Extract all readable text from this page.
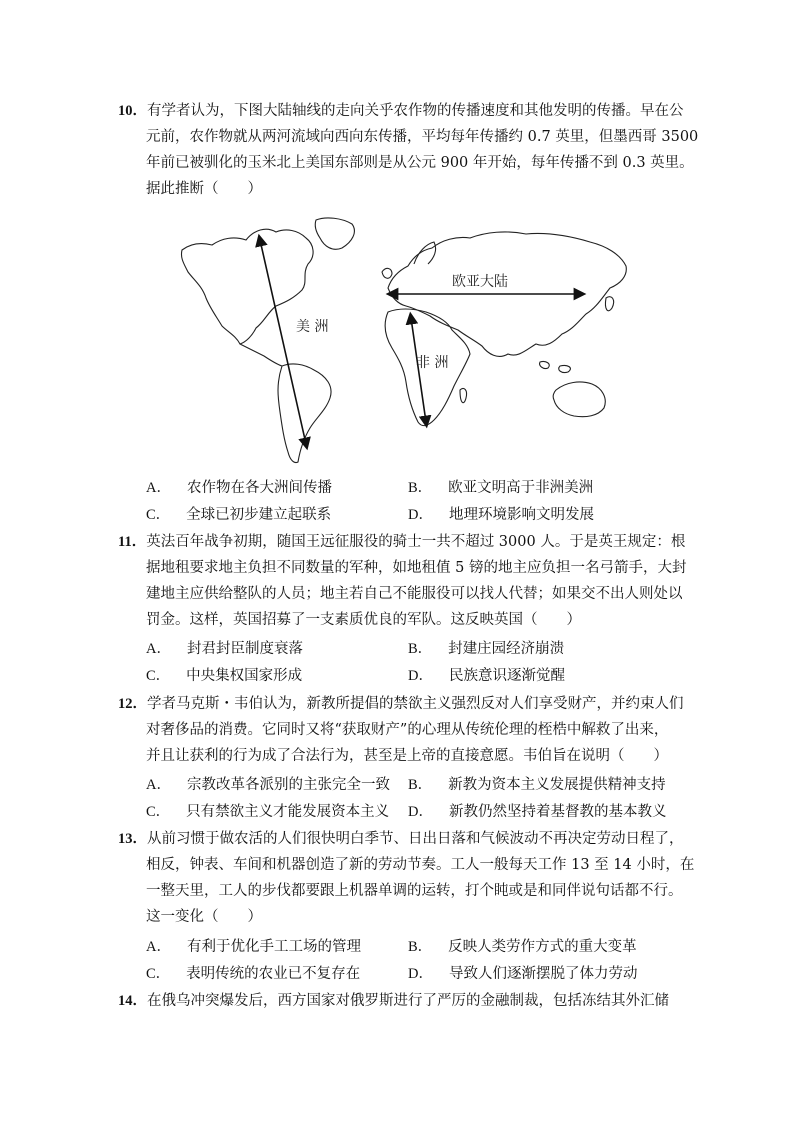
10．有学者认为，下图大陆轴线的走向关乎农作物的传播速度和其他发明的传播。早在公
元前，农作物就从两河流域向西向东传播，平均每年传播约 0.7 英里，但墨西哥 3500
年前已被驯化的玉米北上美国东部则是从公元 900 年开始，每年传播不到 0.3 英里。
据此推断（　　）
美 洲
欧亚大陆
非 洲
A． 农作物在各大洲间传播	B． 欧亚文明高于非洲美洲
C． 全球已初步建立起联系	D． 地理环境影响文明发展
11．英法百年战争初期，随国王远征服役的骑士一共不超过 3000 人。于是英王规定：根
据地租要求地主负担不同数量的军种，如地租值 5 镑的地主应负担一名弓箭手，大封
建地主应供给整队的人员；地主若自己不能服役可以找人代替；如果交不出人则处以
罚金。这样，英国招募了一支素质优良的军队。这反映英国（　　）
A． 封君封臣制度衰落	B． 封建庄园经济崩溃
C． 中央集权国家形成	D． 民族意识逐渐觉醒
12．学者马克斯・韦伯认为，新教所提倡的禁欲主义强烈反对人们享受财产，并约束人们
对奢侈品的消费。它同时又将“获取财产”的心理从传统伦理的桎梏中解救了出来，
并且让获利的行为成了合法行为，甚至是上帝的直接意愿。韦伯旨在说明（　　）
A． 宗教改革各派别的主张完全一致 B． 新教为资本主义发展提供精神支持
C． 只有禁欲主义才能发展资本主义 D． 新教仍然坚持着基督教的基本教义
13．从前习惯于做农活的人们很快明白季节、日出日落和气候波动不再决定劳动日程了，
相反，钟表、车间和机器创造了新的劳动节奏。工人一般每天工作 13 至 14 小时，在
一整天里，工人的步伐都要跟上机器单调的运转，打个盹或是和同伴说句话都不行。
这一变化（　　）
A． 有利于优化手工工场的管理	B． 反映人类劳作方式的重大变革
C． 表明传统的农业已不复存在	D． 导致人们逐渐摆脱了体力劳动
14．在俄乌冲突爆发后，西方国家对俄罗斯进行了严厉的金融制裁，包括冻结其外汇储
